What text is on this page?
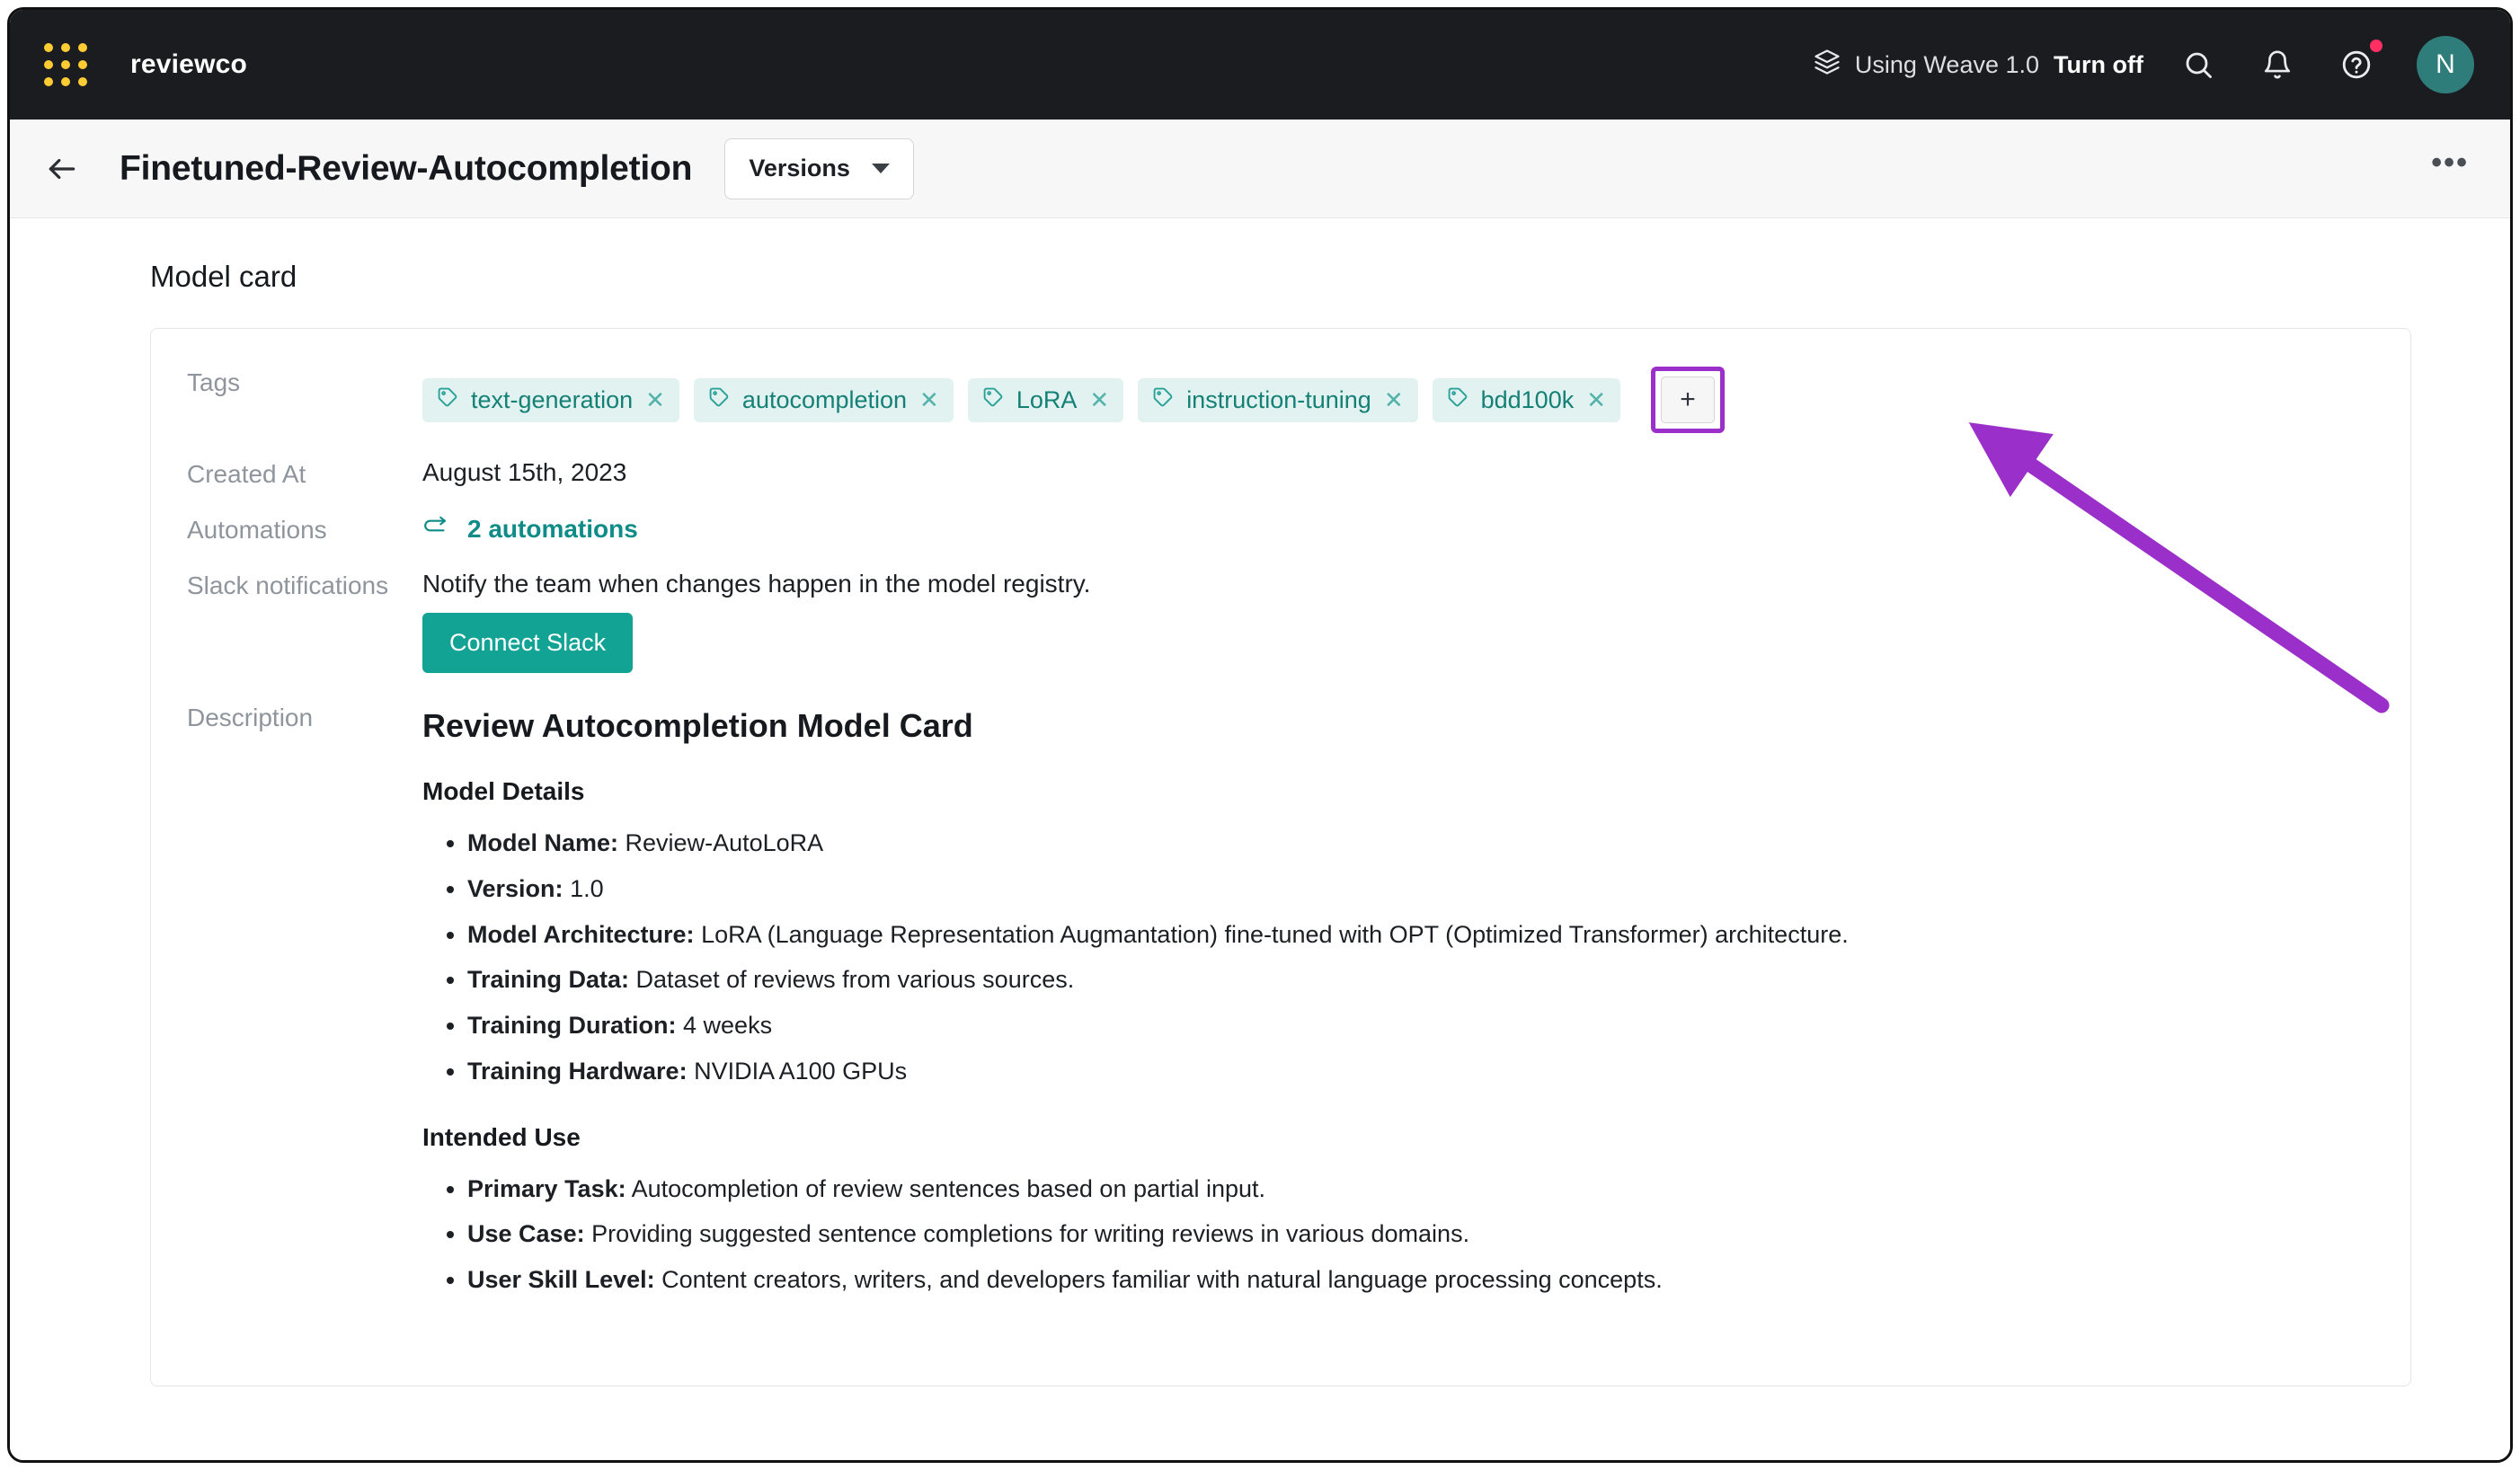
reviewco	Using Weave 1.0 Turn off	N
Finetuned-Review-Autocompletion Versions	•••
Model card
Tags
text-generation ✕	autocompletion ✕	LoRA ✕	instruction-tuning ✕	bdd100k ✕	+
Created At	August 15th, 2023
Automations	2 automations
Slack notifications	Notify the team when changes happen in the model registry.
Connect Slack
Description	Review Autocompletion Model Card
Model Details
• Model Name: Review-AutoLoRA
• Version: 1.0
• Model Architecture: LoRA (Language Representation Augmantation) fine-tuned with OPT (Optimized Transformer) architecture.
• Training Data: Dataset of reviews from various sources.
• Training Duration: 4 weeks
• Training Hardware: NVIDIA A100 GPUs
Intended Use
• Primary Task: Autocompletion of review sentences based on partial input.
• Use Case: Providing suggested sentence completions for writing reviews in various domains.
• User Skill Level: Content creators, writers, and developers familiar with natural language processing concepts.
